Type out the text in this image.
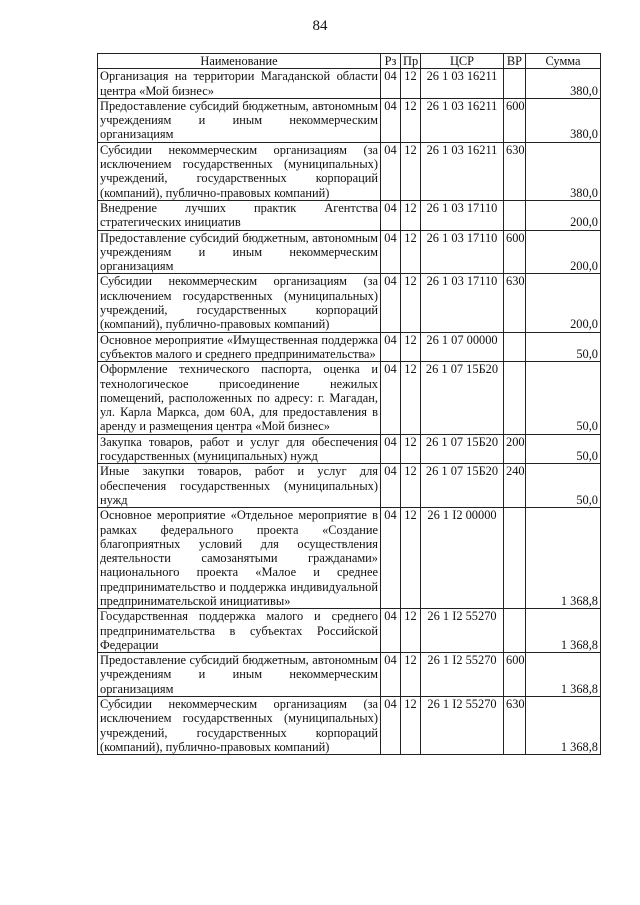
84
Наименование	Рз	Пр	ЦСР	ВР	Сумма
Организация на территории Магаданской области центра «Мой бизнес»	04	12	26 1 03 16211		380,0
Предоставление субсидий бюджетным, автономным учреждениям и иным некоммерческим организациям	04	12	26 1 03 16211	600	380,0
Субсидии некоммерческим организациям (за исключением государственных (муниципальных) учреждений, государственных корпораций (компаний), публично-правовых компаний)	04	12	26 1 03 16211	630	380,0
Внедрение лучших практик Агентства стратегических инициатив	04	12	26 1 03 17110		200,0
Предоставление субсидий бюджетным, автономным учреждениям и иным некоммерческим организациям	04	12	26 1 03 17110	600	200,0
Субсидии некоммерческим организациям (за исключением государственных (муниципальных) учреждений, государственных корпораций (компаний), публично-правовых компаний)	04	12	26 1 03 17110	630	200,0
Основное мероприятие «Имущественная поддержка субъектов малого и среднего предпринимательства»	04	12	26 1 07 00000		50,0
Оформление технического паспорта, оценка и технологическое присоединение нежилых помещений, расположенных по адресу: г. Магадан, ул. Карла Маркса, дом 60А, для предоставления в аренду и размещения центра «Мой бизнес»	04	12	26 1 07 15Б20		50,0
Закупка товаров, работ и услуг для обеспечения государственных (муниципальных) нужд	04	12	26 1 07 15Б20	200	50,0
Иные закупки товаров, работ и услуг для обеспечения государственных (муниципальных) нужд	04	12	26 1 07 15Б20	240	50,0
Основное мероприятие «Отдельное мероприятие в рамках федерального проекта «Создание благоприятных условий для осуществления деятельности самозанятыми гражданами» национального проекта «Малое и среднее предпринимательство и поддержка индивидуальной предпринимательской инициативы»	04	12	26 1 I2 00000		1 368,8
Государственная поддержка малого и среднего предпринимательства в субъектах Российской Федерации	04	12	26 1 I2 55270		1 368,8
Предоставление субсидий бюджетным, автономным учреждениям и иным некоммерческим организациям	04	12	26 1 I2 55270	600	1 368,8
Субсидии некоммерческим организациям (за исключением государственных (муниципальных) учреждений, государственных корпораций (компаний), публично-правовых компаний)	04	12	26 1 I2 55270	630	1 368,8
